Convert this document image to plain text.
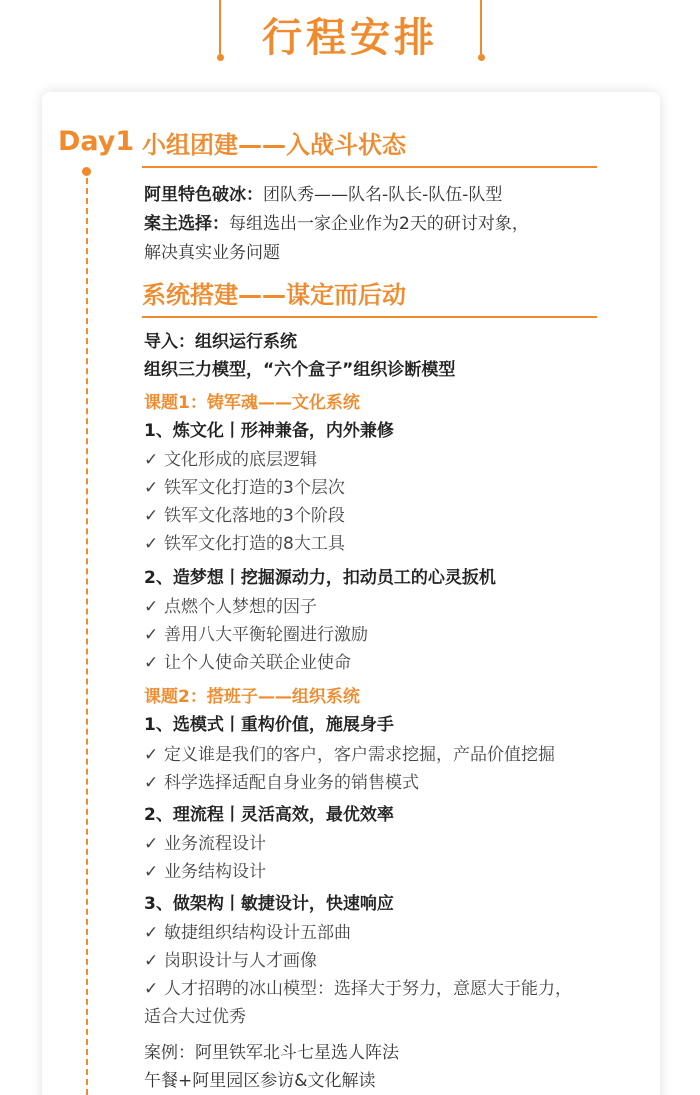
行程安排
Day1 小组团建——入战斗状态
阿里特色破冰：团队秀——队名-队长-队伍-队型
案主选择：每组选出一家企业作为2天的研讨对象，
解决真实业务问题
系统搭建——谋定而后动
导入：组织运行系统
组织三力模型，“六个盒子”组织诊断模型
课题1：铸军魂——文化系统
1、炼文化丨形神兼备，内外兼修
✓ 文化形成的底层逻辑
✓ 铁军文化打造的3个层次
✓ 铁军文化落地的3个阶段
✓ 铁军文化打造的8大工具
2、造梦想丨挖掘源动力，扣动员工的心灵扳机
✓ 点燃个人梦想的因子
✓ 善用八大平衡轮圈进行激励
✓ 让个人使命关联企业使命
课题2：搭班子——组织系统
1、选模式丨重构价值，施展身手
✓ 定义谁是我们的客户，客户需求挖掘，产品价值挖掘
✓ 科学选择适配自身业务的销售模式
2、理流程丨灵活高效，最优效率
✓ 业务流程设计
✓ 业务结构设计
3、做架构丨敏捷设计，快速响应
✓ 敏捷组织结构设计五部曲
✓ 岗职设计与人才画像
✓ 人才招聘的冰山模型：选择大于努力，意愿大于能力，
适合大过优秀
案例：阿里铁军北斗七星选人阵法
午餐+阿里园区参访&文化解读
